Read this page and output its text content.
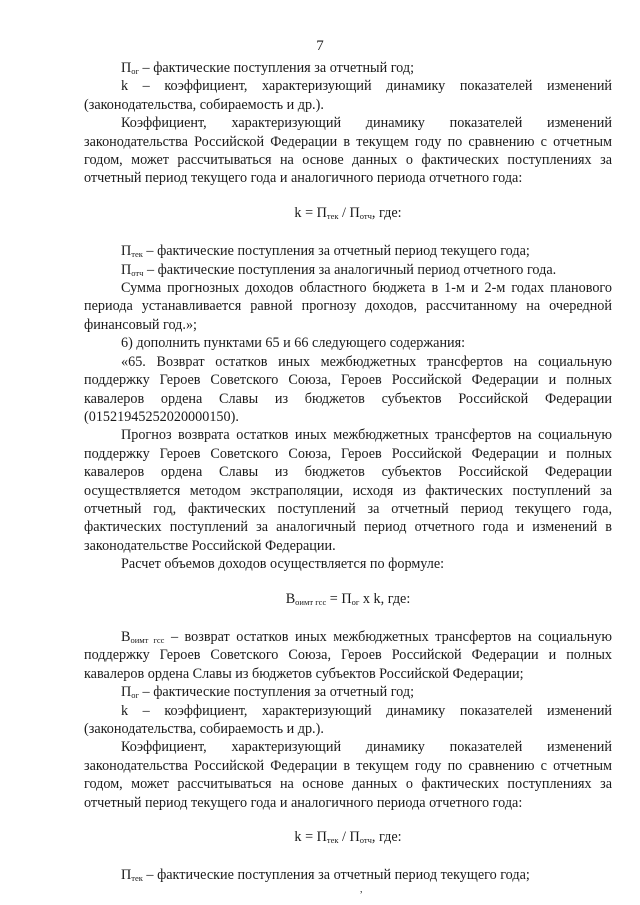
7

$П_{ог}$ – фактические поступления за отчетный год;

k – коэффициент, характеризующий динамику показателей изменений (законодательства, собираемость и др.).

Коэффициент, характеризующий динамику показателей изменений законодательства Российской Федерации в текущем году по сравнению с отчетным годом, может рассчитываться на основе данных о фактических поступлениях за отчетный период текущего года и аналогичного периода отчетного года:

$k = П_{тек} / П_{отч}$, где:

$П_{тек}$ – фактические поступления за отчетный период текущего года;

$П_{отч}$ – фактические поступления за аналогичный период отчетного года.

Сумма прогнозных доходов областного бюджета в 1-м и 2-м годах планового периода устанавливается равной прогнозу доходов, рассчитанному на очередной финансовый год.»;

6) дополнить пунктами 65 и 66 следующего содержания:

«65. Возврат остатков иных межбюджетных трансфертов на социальную поддержку Героев Советского Союза, Героев Российской Федерации и полных кавалеров ордена Славы из бюджетов субъектов Российской Федерации (01521945252020000150).

Прогноз возврата остатков иных межбюджетных трансфертов на социальную поддержку Героев Советского Союза, Героев Российской Федерации и полных кавалеров ордена Славы из бюджетов субъектов Российской Федерации осуществляется методом экстраполяции, исходя из фактических поступлений за отчетный год, фактических поступлений за отчетный период текущего года, фактических поступлений за аналогичный период отчетного года и изменений в законодательстве Российской Федерации.

Расчет объемов доходов осуществляется по формуле:

$В_{оимт гсс} = П_{ог}$ х k, где:

$В_{оимт гсс}$ – возврат остатков иных межбюджетных трансфертов на социальную поддержку Героев Советского Союза, Героев Российской Федерации и полных кавалеров ордена Славы из бюджетов субъектов Российской Федерации;

$П_{ог}$ – фактические поступления за отчетный год;

k – коэффициент, характеризующий динамику показателей изменений (законодательства, собираемость и др.).

Коэффициент, характеризующий динамику показателей изменений законодательства Российской Федерации в текущем году по сравнению с отчетным годом, может рассчитываться на основе данных о фактических поступлениях за отчетный период текущего года и аналогичного периода отчетного года:

$k = П_{тек} / П_{отч}$, где:

$П_{тек}$ – фактические поступления за отчетный период текущего года;

,
